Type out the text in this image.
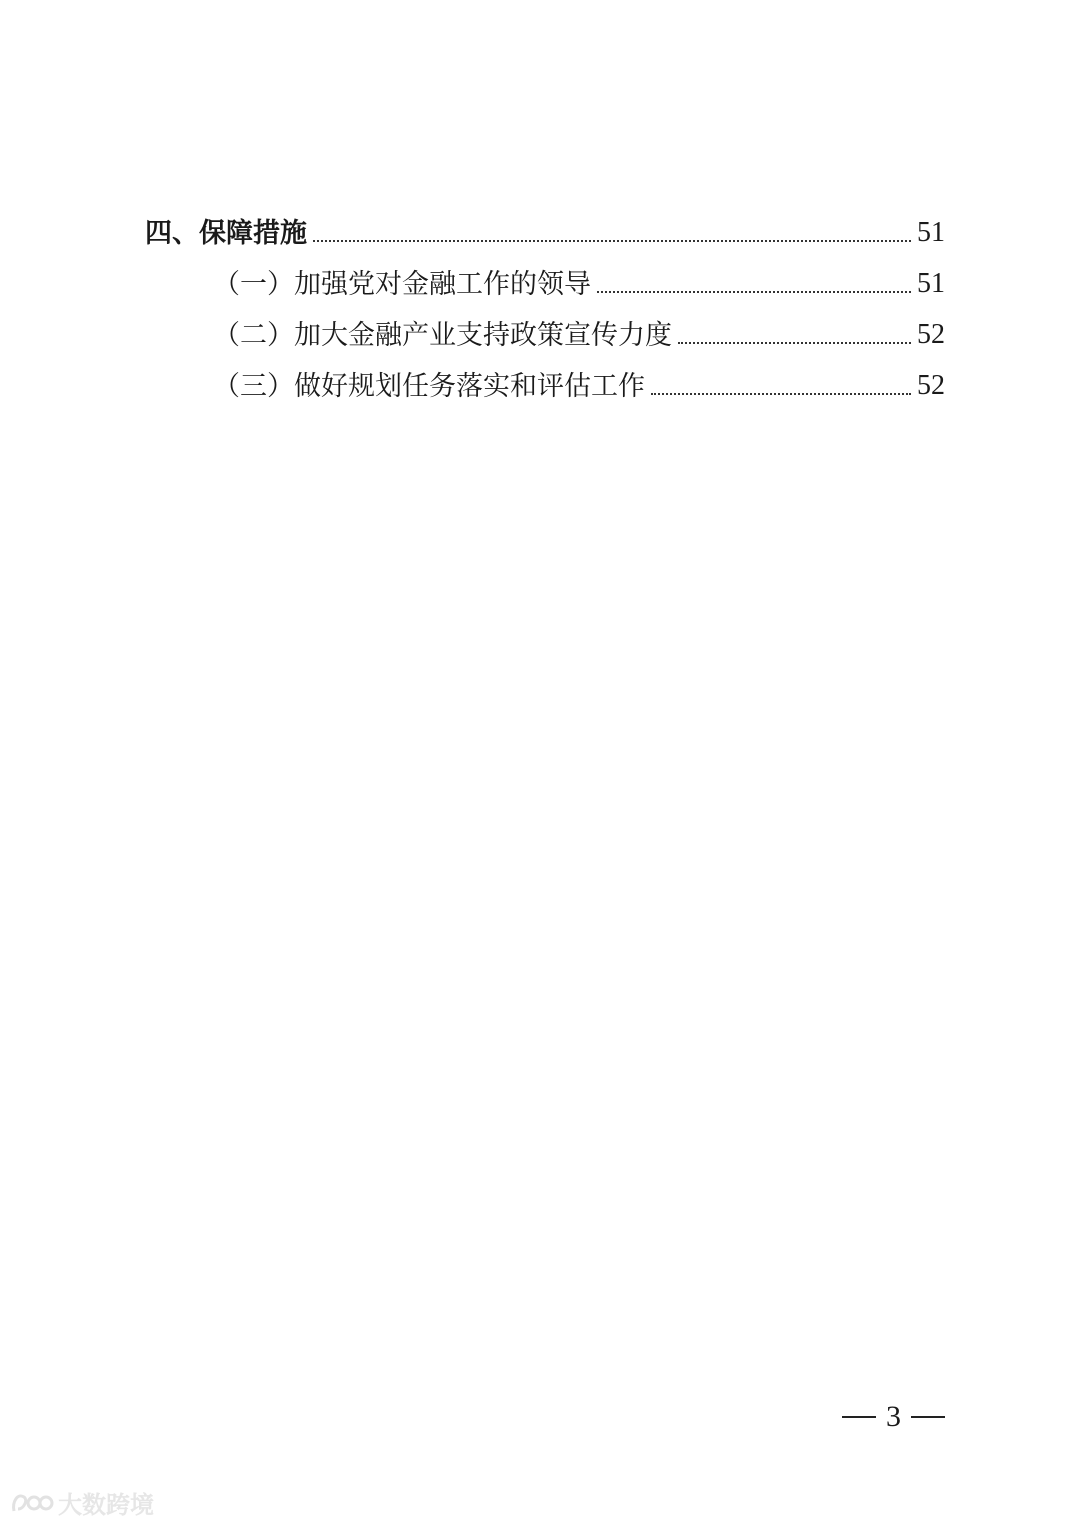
四、保障措施	51
（一）加强党对金融工作的领导	51
（二）加大金融产业支持政策宣传力度	52
（三）做好规划任务落实和评估工作	52
3
大数跨境
